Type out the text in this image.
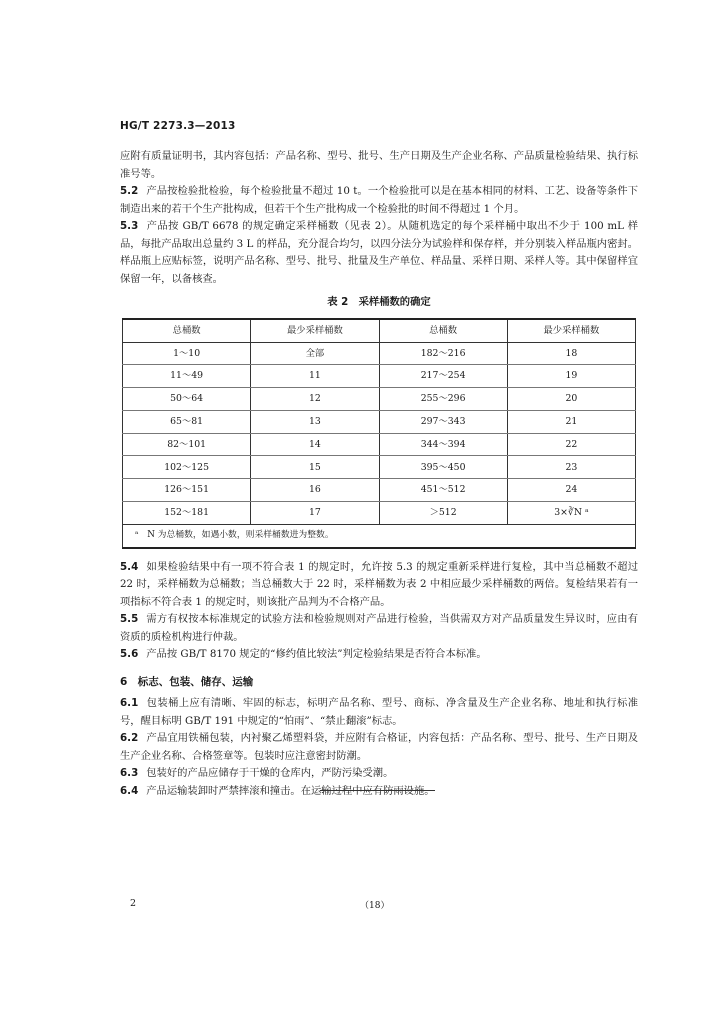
HG/T 2273.3—2013

应附有质量证明书，其内容包括：产品名称、型号、批号、生产日期及生产企业名称、产品质量检验结果、执行标准号等。

5.2 产品按检验批检验，每个检验批量不超过 10 t。一个检验批可以是在基本相同的材料、工艺、设备等条件下制造出来的若干个生产批构成，但若干个生产批构成一个检验批的时间不得超过 1 个月。

5.3 产品按 GB/T 6678 的规定确定采样桶数（见表 2）。从随机选定的每个采样桶中取出不少于 100 mL 样品，每批产品取出总量约 3 L 的样品，充分混合均匀，以四分法分为试验样和保存样，并分别装入样品瓶内密封。样品瓶上应贴标签，说明产品名称、型号、批号、批量及生产单位、样品量、采样日期、采样人等。其中保留样宜保留一年，以备核查。

表 2　采样桶数的确定
总桶数	最少采样桶数	总桶数	最少采样桶数
1～10	全部	182～216	18
11～49	11	217～254	19
50～64	12	255～296	20
65～81	13	297～343	21
82～101	14	344～394	22
102～125	15	395～450	23
126～151	16	451～512	24
152～181	17	＞512	3×∛N ᵃ
ᵃ　N 为总桶数，如遇小数，则采样桶数进为整数。			

5.4 如果检验结果中有一项不符合表 1 的规定时，允许按 5.3 的规定重新采样进行复检，其中当总桶数不超过 22 时，采样桶数为总桶数；当总桶数大于 22 时，采样桶数为表 2 中相应最少采样桶数的两倍。复检结果若有一项指标不符合表 1 的规定时，则该批产品判为不合格产品。

5.5 需方有权按本标准规定的试验方法和检验规则对产品进行检验，当供需双方对产品质量发生异议时，应由有资质的质检机构进行仲裁。

5.6 产品按 GB/T 8170 规定的“修约值比较法”判定检验结果是否符合本标准。

6　标志、包装、储存、运输

6.1 包装桶上应有清晰、牢固的标志，标明产品名称、型号、商标、净含量及生产企业名称、地址和执行标准号，醒目标明 GB/T 191 中规定的“怕雨”、“禁止翻滚”标志。

6.2 产品宜用铁桶包装，内衬聚乙烯塑料袋，并应附有合格证，内容包括：产品名称、型号、批号、生产日期及生产企业名称、合格签章等。包装时应注意密封防潮。

6.3 包装好的产品应储存于干燥的仓库内，严防污染受潮。

6.4 产品运输装卸时严禁摔滚和撞击。在运输过程中应有防雨设施。

2	（18）
